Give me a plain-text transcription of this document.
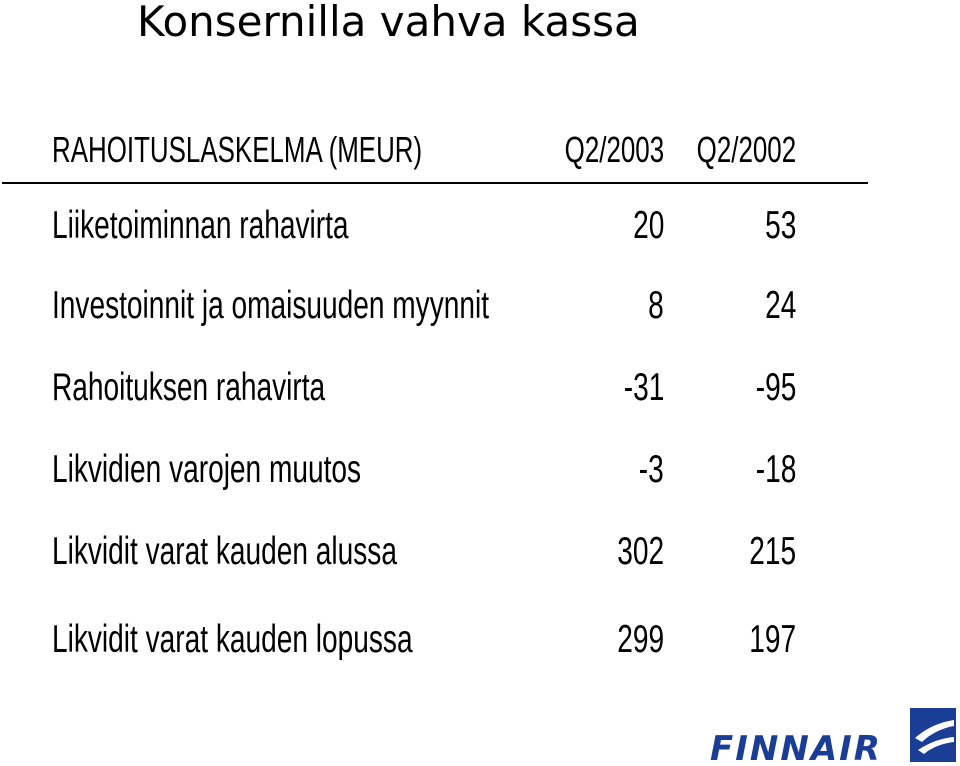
Konsernilla vahva kassa
RAHOITUSLASKELMA (MEUR)	Q2/2003 Q2/2002
Liiketoiminnan rahavirta	20	53
Investoinnit ja omaisuuden myynnit	8	24
Rahoituksen rahavirta	-31	-95
Likvidien varojen muutos	-3	-18
Likvidit varat kauden alussa	302	215
Likvidit varat kauden lopussa	299	197
FINNAIR
